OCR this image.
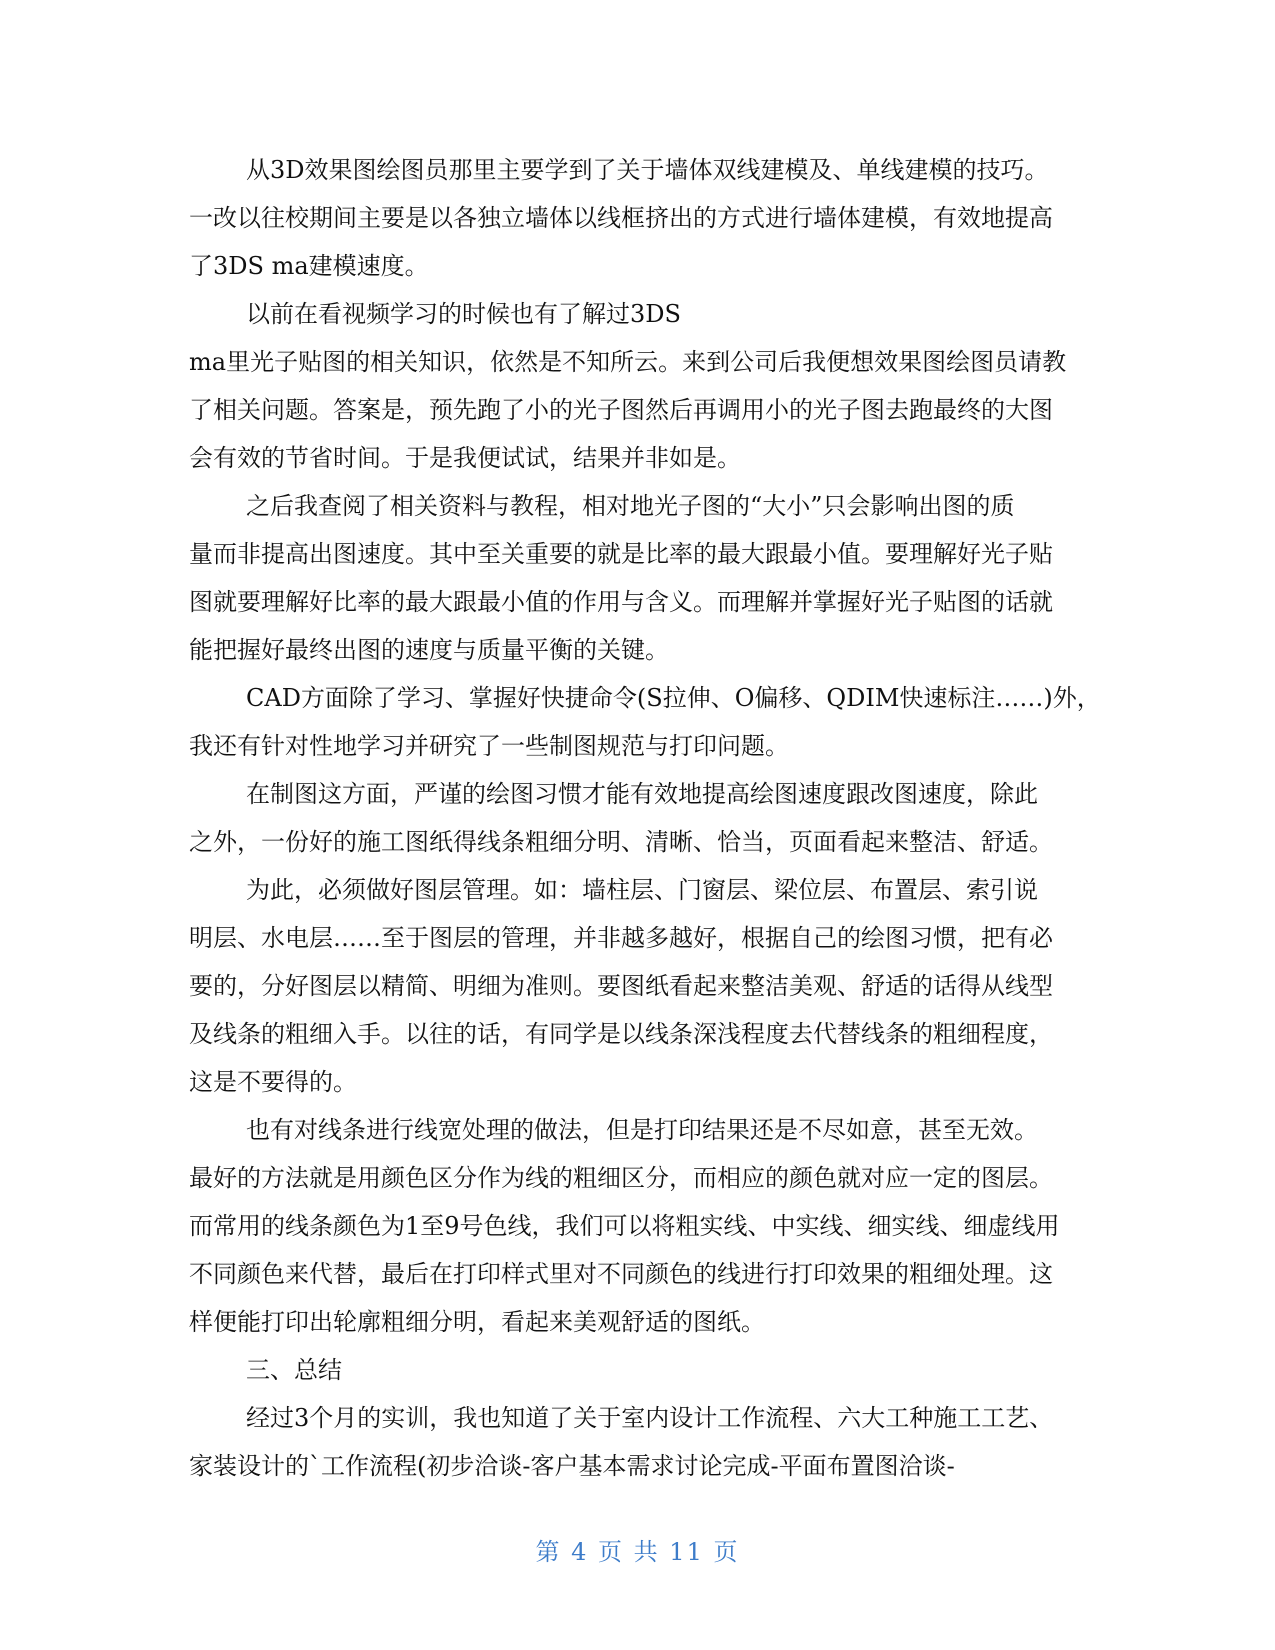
从3D效果图绘图员那里主要学到了关于墙体双线建模及、单线建模的技巧。
一改以往校期间主要是以各独立墙体以线框挤出的方式进行墙体建模，有效地提高
了3DS ma建模速度。
以前在看视频学习的时候也有了解过3DS
ma里光子贴图的相关知识，依然是不知所云。来到公司后我便想效果图绘图员请教
了相关问题。答案是，预先跑了小的光子图然后再调用小的光子图去跑最终的大图
会有效的节省时间。于是我便试试，结果并非如是。
之后我查阅了相关资料与教程，相对地光子图的“大小”只会影响出图的质
量而非提高出图速度。其中至关重要的就是比率的最大跟最小值。要理解好光子贴
图就要理解好比率的最大跟最小值的作用与含义。而理解并掌握好光子贴图的话就
能把握好最终出图的速度与质量平衡的关键。
CAD方面除了学习、掌握好快捷命令(S拉伸、O偏移、QDIM快速标注……)外，
我还有针对性地学习并研究了一些制图规范与打印问题。
在制图这方面，严谨的绘图习惯才能有效地提高绘图速度跟改图速度，除此
之外，一份好的施工图纸得线条粗细分明、清晰、恰当，页面看起来整洁、舒适。
为此，必须做好图层管理。如：墙柱层、门窗层、梁位层、布置层、索引说
明层、水电层……至于图层的管理，并非越多越好，根据自己的绘图习惯，把有必
要的，分好图层以精简、明细为准则。要图纸看起来整洁美观、舒适的话得从线型
及线条的粗细入手。以往的话，有同学是以线条深浅程度去代替线条的粗细程度，
这是不要得的。
也有对线条进行线宽处理的做法，但是打印结果还是不尽如意，甚至无效。
最好的方法就是用颜色区分作为线的粗细区分，而相应的颜色就对应一定的图层。
而常用的线条颜色为1至9号色线，我们可以将粗实线、中实线、细实线、细虚线用
不同颜色来代替，最后在打印样式里对不同颜色的线进行打印效果的粗细处理。这
样便能打印出轮廓粗细分明，看起来美观舒适的图纸。
三、总结
经过3个月的实训，我也知道了关于室内设计工作流程、六大工种施工工艺、
家装设计的`工作流程(初步洽谈-客户基本需求讨论完成-平面布置图洽谈-
第 4 页 共 11 页
